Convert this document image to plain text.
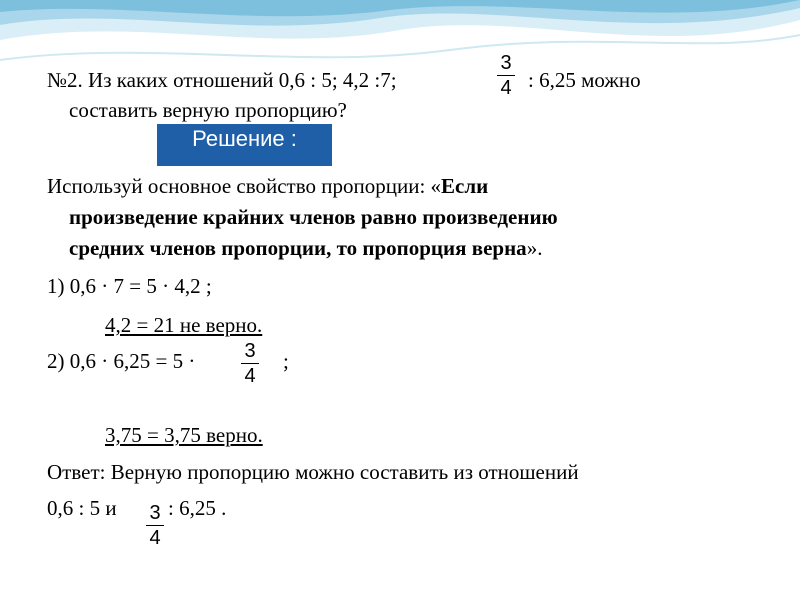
№2. Из каких отношений 0,6 : 5; 4,2 :7;
3
4 : 6,25 можно
составить верную пропорцию?
Решение :
Используй основное свойство пропорции: «Если
произведение крайних членов равно произведению
средних членов пропорции, то пропорция верна».
1) 0,6 · 7 = 5 · 4,2 ;
4,2 = 21 не верно.
2) 0,6 · 6,25 = 5 · 3
4
;
3,75 = 3,75 верно.
Ответ: Верную пропорцию можно составить из отношений
0,6 : 5 и 3
4
: 6,25 .
